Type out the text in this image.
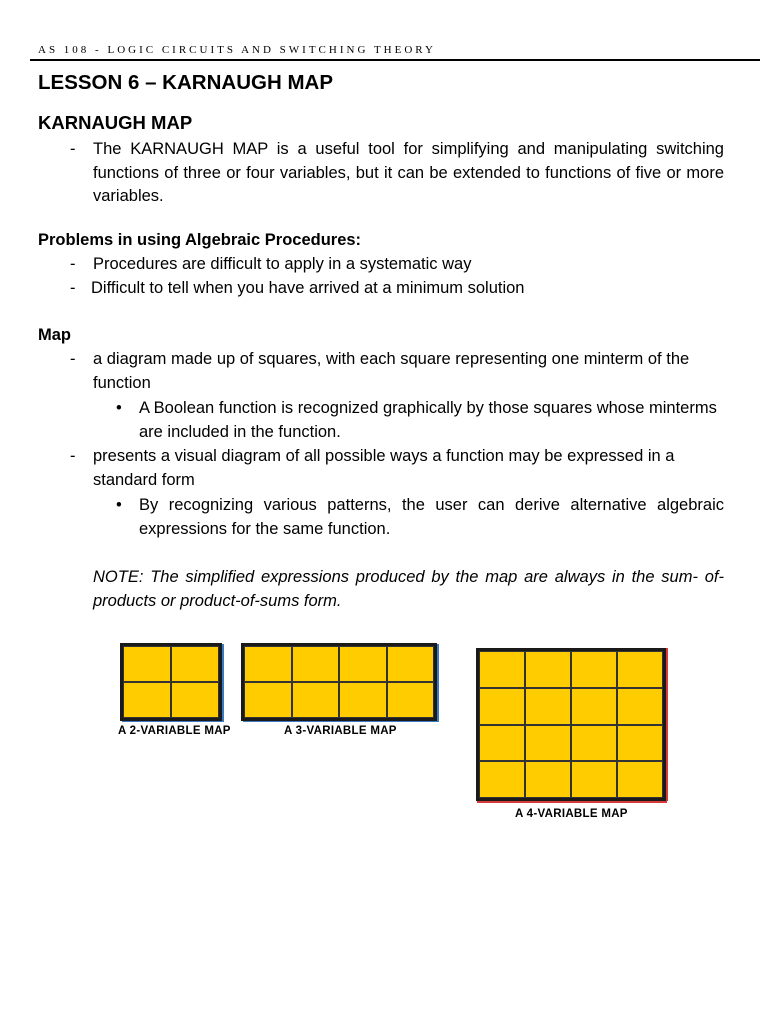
AS 108 - LOGIC CIRCUITS AND SWITCHING THEORY
LESSON 6 – KARNAUGH MAP
KARNAUGH MAP
- The KARNAUGH MAP is a useful tool for simplifying and manipulating switching functions of three or four variables, but it can be extended to functions of five or more variables.
Problems in using Algebraic Procedures:
- Procedures are difficult to apply in a systematic way
- Difficult to tell when you have arrived at a minimum solution
Map
- a diagram made up of squares, with each square representing one minterm of the function
• A Boolean function is recognized graphically by those squares whose minterms are included in the function.
- presents a visual diagram of all possible ways a function may be expressed in a standard form
• By recognizing various patterns, the user can derive alternative algebraic expressions for the same function.
NOTE: The simplified expressions produced by the map are always in the sum- of-products or product-of-sums form.
A 2-VARIABLE MAP	A 3-VARIABLE MAP
A 4-VARIABLE MAP
